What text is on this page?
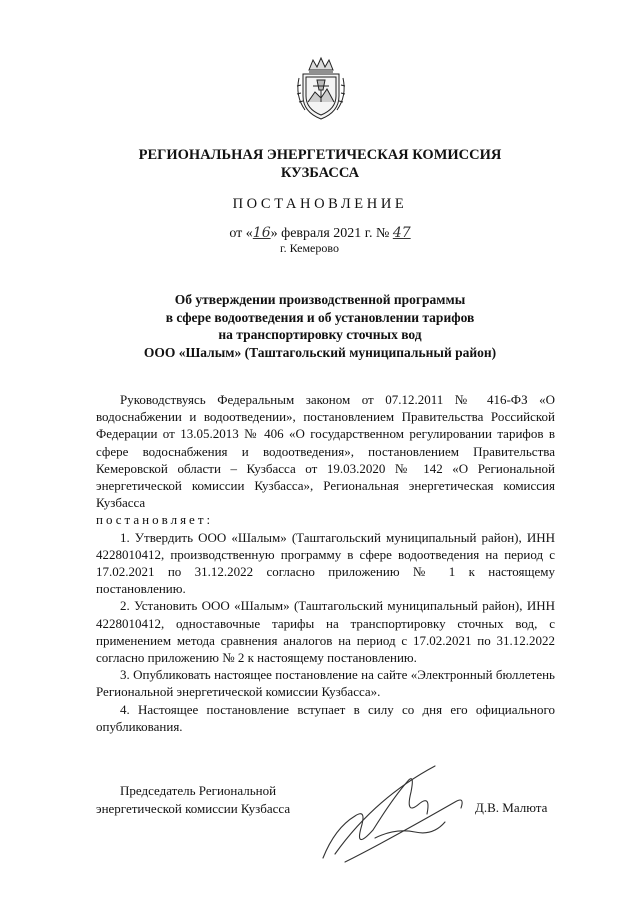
РЕГИОНАЛЬНАЯ ЭНЕРГЕТИЧЕСКАЯ КОМИССИЯ
КУЗБАССА
ПОСТАНОВЛЕНИЕ
от «16» февраля 2021 г. № 47
г. Кемерово
Об утверждении производственной программы
в сфере водоотведения и об установлении тарифов
на транспортировку сточных вод
ООО «Шалым» (Таштагольский муниципальный район)

Руководствуясь Федеральным законом от 07.12.2011 № 416-ФЗ «О водоснабжении и водоотведении», постановлением Правительства Российской Федерации от 13.05.2013 № 406 «О государственном регулировании тарифов в сфере водоснабжения и водоотведения», постановлением Правительства Кемеровской области – Кузбасса от 19.03.2020 № 142 «О Региональной энергетической комиссии Кузбасса», Региональная энергетическая комиссия Кузбасса

постановляет:

1. Утвердить ООО «Шалым» (Таштагольский муниципальный район), ИНН 4228010412, производственную программу в сфере водоотведения на период с 17.02.2021 по 31.12.2022 согласно приложению № 1 к настоящему постановлению.

2. Установить ООО «Шалым» (Таштагольский муниципальный район), ИНН 4228010412, одноставочные тарифы на транспортировку сточных вод, с применением метода сравнения аналогов на период с 17.02.2021 по 31.12.2022 согласно приложению № 2 к настоящему постановлению.

3. Опубликовать настоящее постановление на сайте «Электронный бюллетень Региональной энергетической комиссии Кузбасса».

4. Настоящее постановление вступает в силу со дня его официального опубликования.

Председатель Региональной
энергетической комиссии Кузбасса	Д.В. Малюта
